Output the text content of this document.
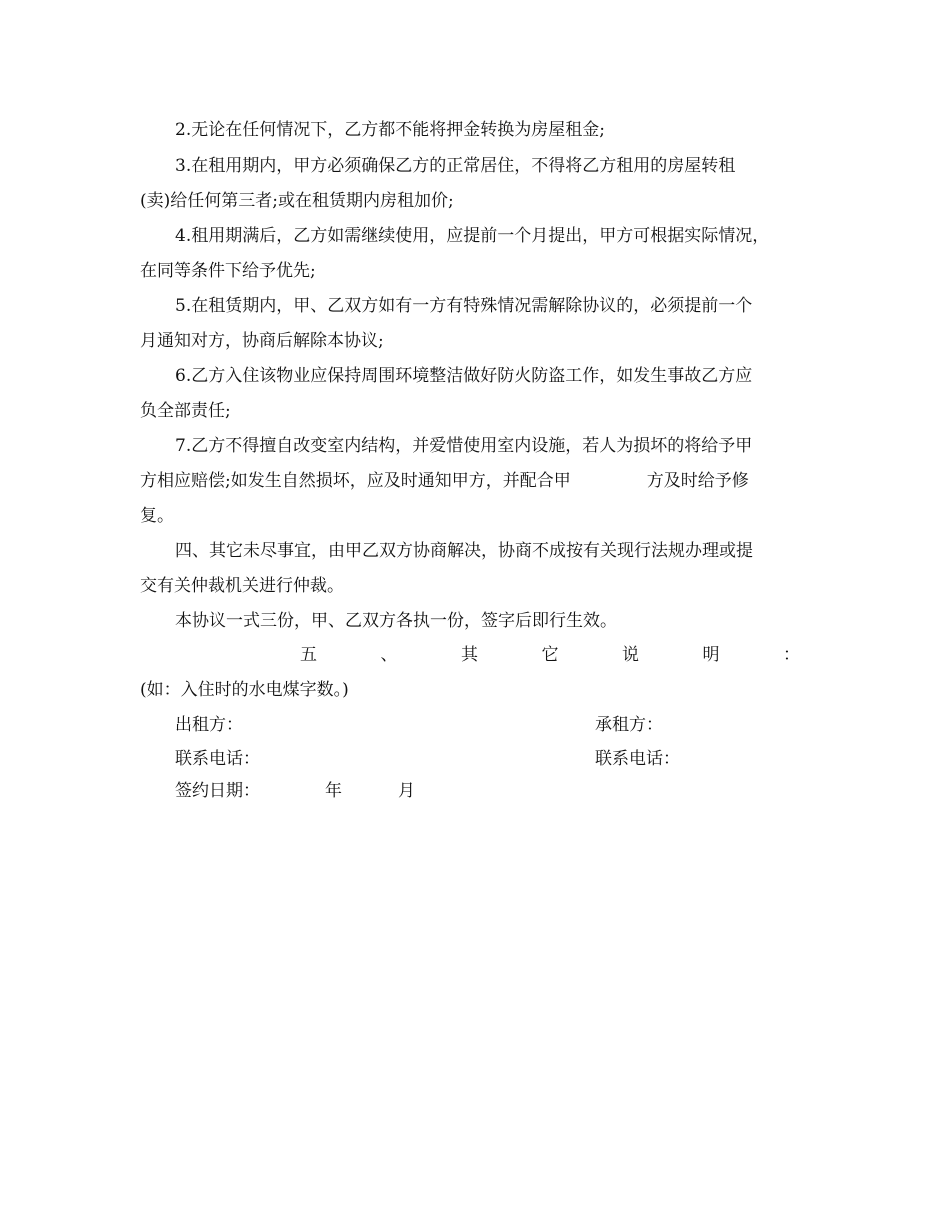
2.无论在任何情况下，乙方都不能将押金转换为房屋租金;
3.在租用期内，甲方必须确保乙方的正常居住，不得将乙方租用的房屋转租
(卖)给任何第三者;或在租赁期内房租加价;
4.租用期满后，乙方如需继续使用，应提前一个月提出，甲方可根据实际情况，
在同等条件下给予优先;
5.在租赁期内，甲、乙双方如有一方有特殊情况需解除协议的，必须提前一个
月通知对方，协商后解除本协议;
6.乙方入住该物业应保持周围环境整洁做好防火防盗工作，如发生事故乙方应
负全部责任;
7.乙方不得擅自改变室内结构，并爱惜使用室内设施，若人为损坏的将给予甲
方相应赔偿;如发生自然损坏，应及时通知甲方，并配合甲	方及时给予修
复。
四、其它未尽事宜，由甲乙双方协商解决，协商不成按有关现行法规办理或提
交有关仲裁机关进行仲裁。
本协议一式三份，甲、乙双方各执一份，签字后即行生效。
五	、	其	它	说	明	：
(如：入住时的水电煤字数。)
出租方：	承租方：
联系电话：	联系电话：
签约日期：	年	月
